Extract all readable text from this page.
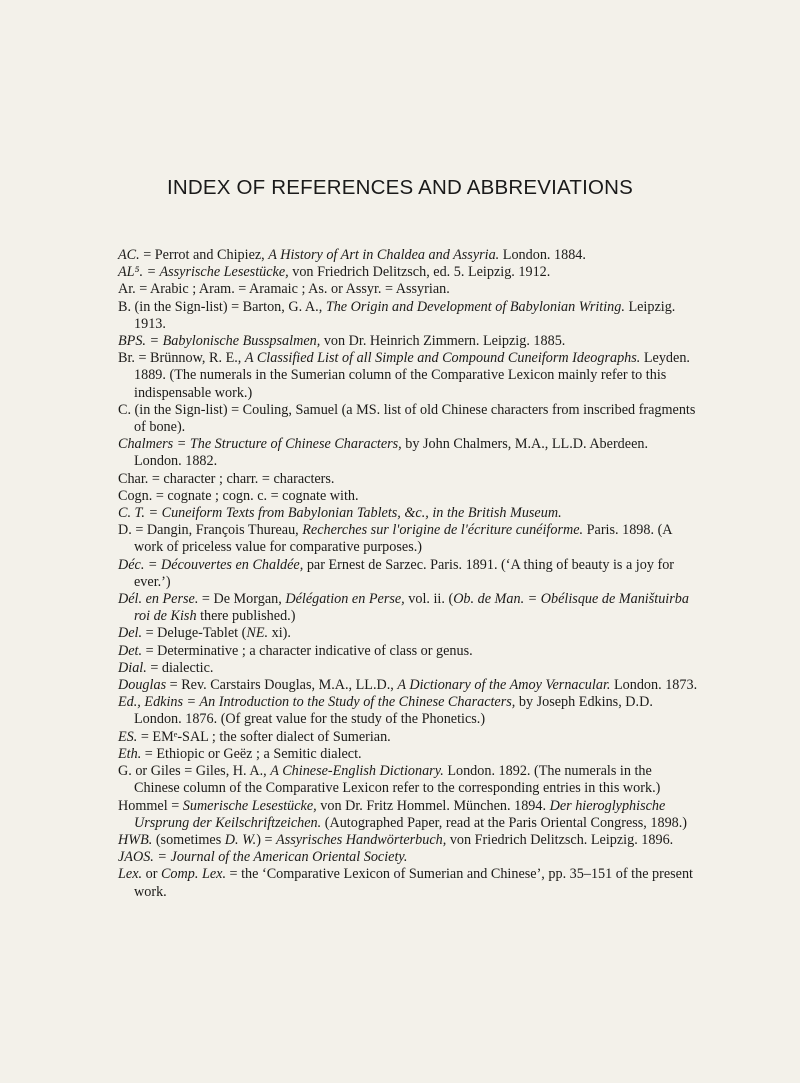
INDEX OF REFERENCES AND ABBREVIATIONS

AC. = Perrot and Chipiez, A History of Art in Chaldea and Assyria. London. 1884.

AL⁵. = Assyrische Lesestücke, von Friedrich Delitzsch, ed. 5. Leipzig. 1912.

Ar. = Arabic ; Aram. = Aramaic ; As. or Assyr. = Assyrian.

B. (in the Sign-list) = Barton, G. A., The Origin and Development of Babylonian Writing. Leipzig. 1913.

BPS. = Babylonische Busspsalmen, von Dr. Heinrich Zimmern. Leipzig. 1885.

Br. = Brünnow, R. E., A Classified List of all Simple and Compound Cuneiform Ideographs. Leyden. 1889. (The numerals in the Sumerian column of the Comparative Lexicon mainly refer to this indispensable work.)

C. (in the Sign-list) = Couling, Samuel (a MS. list of old Chinese characters from inscribed fragments of bone).

Chalmers = The Structure of Chinese Characters, by John Chalmers, M.A., LL.D. Aberdeen. London. 1882.

Char. = character ; charr. = characters.

Cogn. = cognate ; cogn. c. = cognate with.

C. T. = Cuneiform Texts from Babylonian Tablets, &c., in the British Museum.

D. = Dangin, François Thureau, Recherches sur l'origine de l'écriture cunéiforme. Paris. 1898. (A work of priceless value for comparative purposes.)

Déc. = Découvertes en Chaldée, par Ernest de Sarzec. Paris. 1891. (‘A thing of beauty is a joy for ever.’)

Dél. en Perse. = De Morgan, Délégation en Perse, vol. ii. (Ob. de Man. = Obélisque de Maništuirba roi de Kish there published.)

Del. = Deluge-Tablet (NE. xi).

Det. = Determinative ; a character indicative of class or genus.

Dial. = dialectic.

Douglas = Rev. Carstairs Douglas, M.A., LL.D., A Dictionary of the Amoy Vernacular. London. 1873.

Ed., Edkins = An Introduction to the Study of the Chinese Characters, by Joseph Edkins, D.D. London. 1876. (Of great value for the study of the Phonetics.)

ES. = EMᵉ-SAL ; the softer dialect of Sumerian.

Eth. = Ethiopic or Geëz ; a Semitic dialect.

G. or Giles = Giles, H. A., A Chinese-English Dictionary. London. 1892. (The numerals in the Chinese column of the Comparative Lexicon refer to the corresponding entries in this work.)

Hommel = Sumerische Lesestücke, von Dr. Fritz Hommel. München. 1894. Der hieroglyphische Ursprung der Keilschriftzeichen. (Autographed Paper, read at the Paris Oriental Congress, 1898.)

HWB. (sometimes D. W.) = Assyrisches Handwörterbuch, von Friedrich Delitzsch. Leipzig. 1896.

JAOS. = Journal of the American Oriental Society.

Lex. or Comp. Lex. = the ‘Comparative Lexicon of Sumerian and Chinese’, pp. 35–151 of the present work.
